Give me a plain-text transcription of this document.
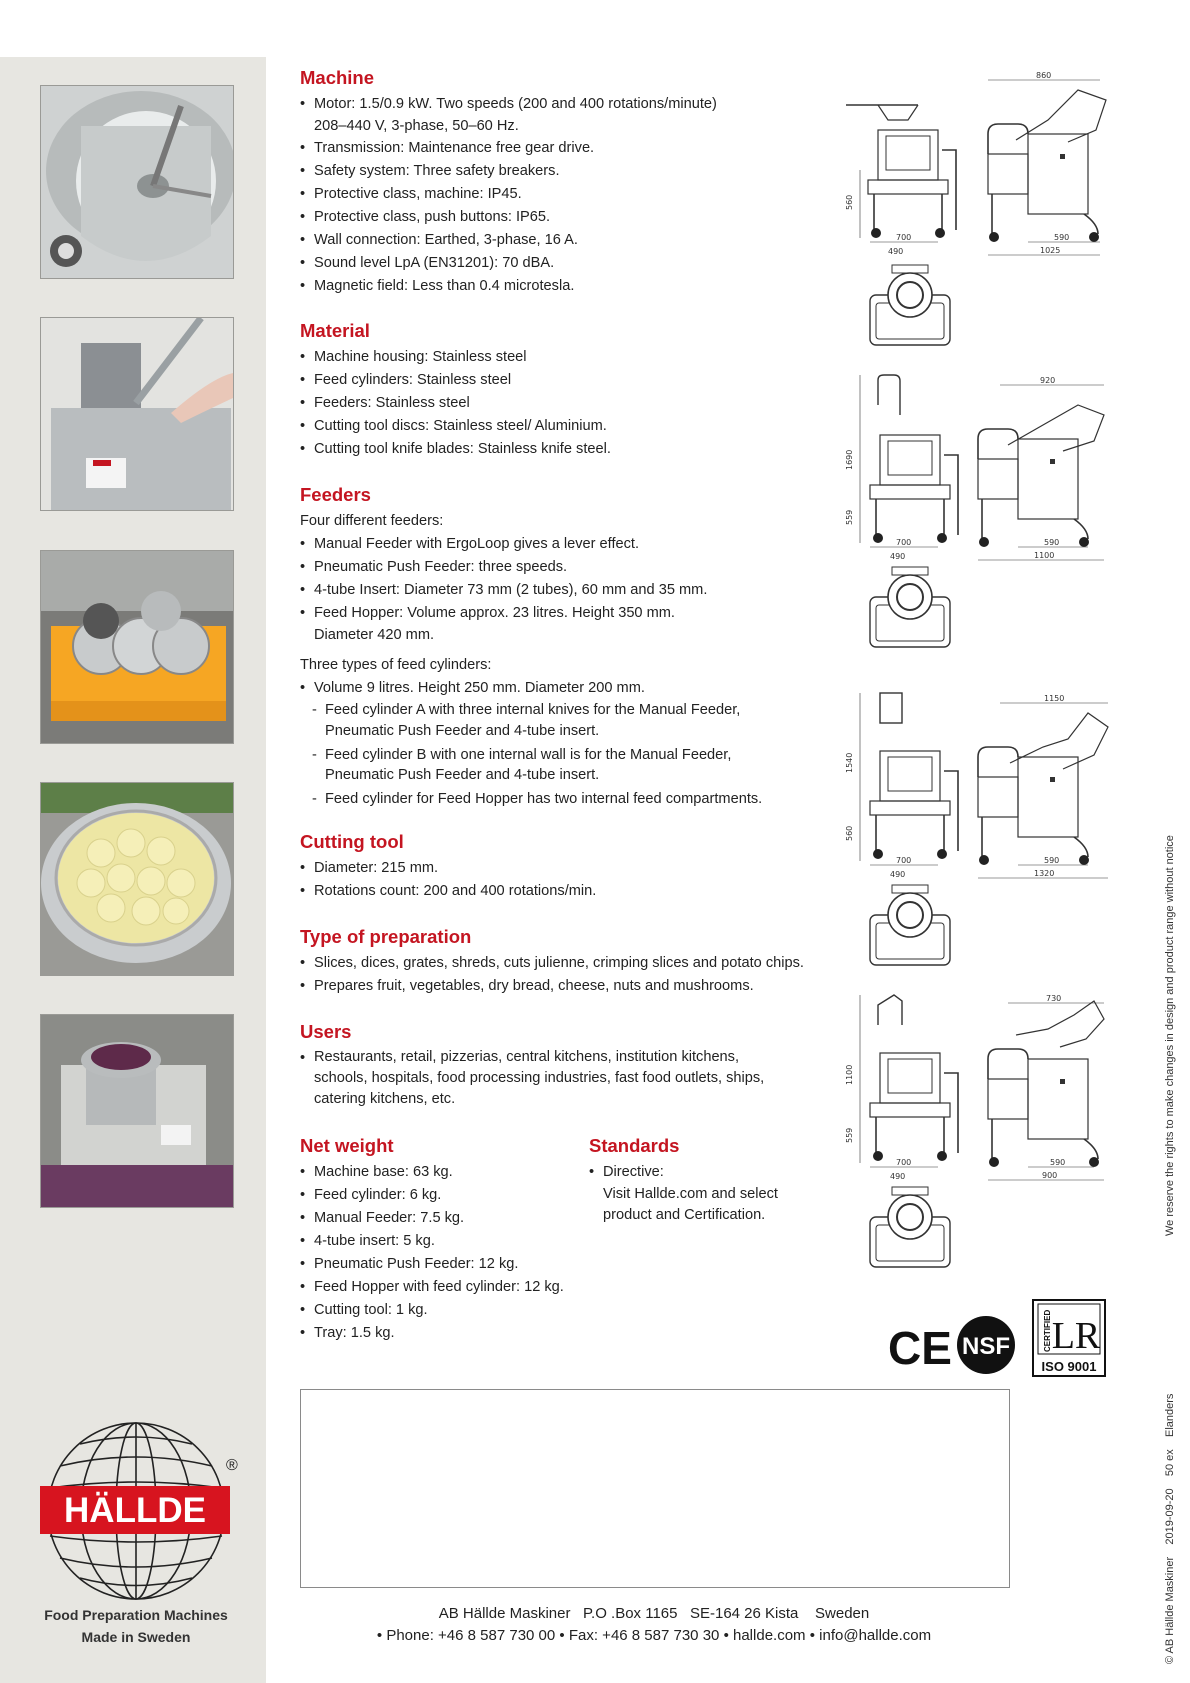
HÄLLDE
®
Food Preparation Machines
Made in Sweden
Machine
• Motor: 1.5/0.9 kW. Two speeds (200 and 400 rotations/minute)
208–440 V, 3-phase, 50–60 Hz.
• Transmission: Maintenance free gear drive.
• Safety system: Three safety breakers.
• Protective class, machine: IP45.
• Protective class, push buttons: IP65.
• Wall connection: Earthed, 3-phase, 16 A.
• Sound level LpA (EN31201): 70 dBA.
• Magnetic field: Less than 0.4 microtesla.
Material
• Machine housing: Stainless steel
• Feed cylinders: Stainless steel
• Feeders: Stainless steel
• Cutting tool discs: Stainless steel/ Aluminium.
• Cutting tool knife blades: Stainless knife steel.
Feeders
Four different feeders:
• Manual Feeder with ErgoLoop gives a lever effect.
• Pneumatic Push Feeder: three speeds.
• 4-tube Insert: Diameter 73 mm (2 tubes), 60 mm and 35 mm.
• Feed Hopper: Volume approx. 23 litres. Height 350 mm.
Diameter 420 mm.
Three types of feed cylinders:
• Volume 9 litres. Height 250 mm. Diameter 200 mm.
- Feed cylinder A with three internal knives for the Manual Feeder,
Pneumatic Push Feeder and 4-tube insert.
- Feed cylinder B with one internal wall is for the Manual Feeder,
Pneumatic Push Feeder and 4-tube insert.
- Feed cylinder for Feed Hopper has two internal feed compartments.
Cutting tool
• Diameter: 215 mm.
• Rotations count: 200 and 400 rotations/min.
Type of preparation
• Slices, dices, grates, shreds, cuts julienne, crimping slices and potato chips.
• Prepares fruit, vegetables, dry bread, cheese, nuts and mushrooms.
Users
• Restaurants, retail, pizzerias, central kitchens, institution kitchens,
schools, hospitals, food processing industries, fast food outlets, ships,
catering kitchens, etc.
Net weight
• Machine base: 63 kg.
• Feed cylinder: 6 kg.
• Manual Feeder: 7.5 kg.
• 4-tube insert: 5 kg.
• Pneumatic Push Feeder: 12 kg.
• Feed Hopper with feed cylinder: 12 kg.
• Cutting tool: 1 kg.
• Tray: 1.5 kg.
Standards
• Directive:
Visit Hallde.com and select
product and Certification.
560
700
860
590
1025
490
1690
559
700
920
590
1100
490
1540
560
700
1150
590
1320
490
1100
559
700
730
590
900
490
CE NSF	CERTIFIED LR
ISO 9001
AB Hällde Maskiner   P.O .Box 1165   SE-164 26 Kista    Sweden
• Phone: +46 8 587 730 00 • Fax: +46 8 587 730 30 • hallde.com • info@hallde.com
We reserve the rights to make changes in design and product range without notice
© AB Hällde Maskiner    2019-09-20    50 ex    Elanders
